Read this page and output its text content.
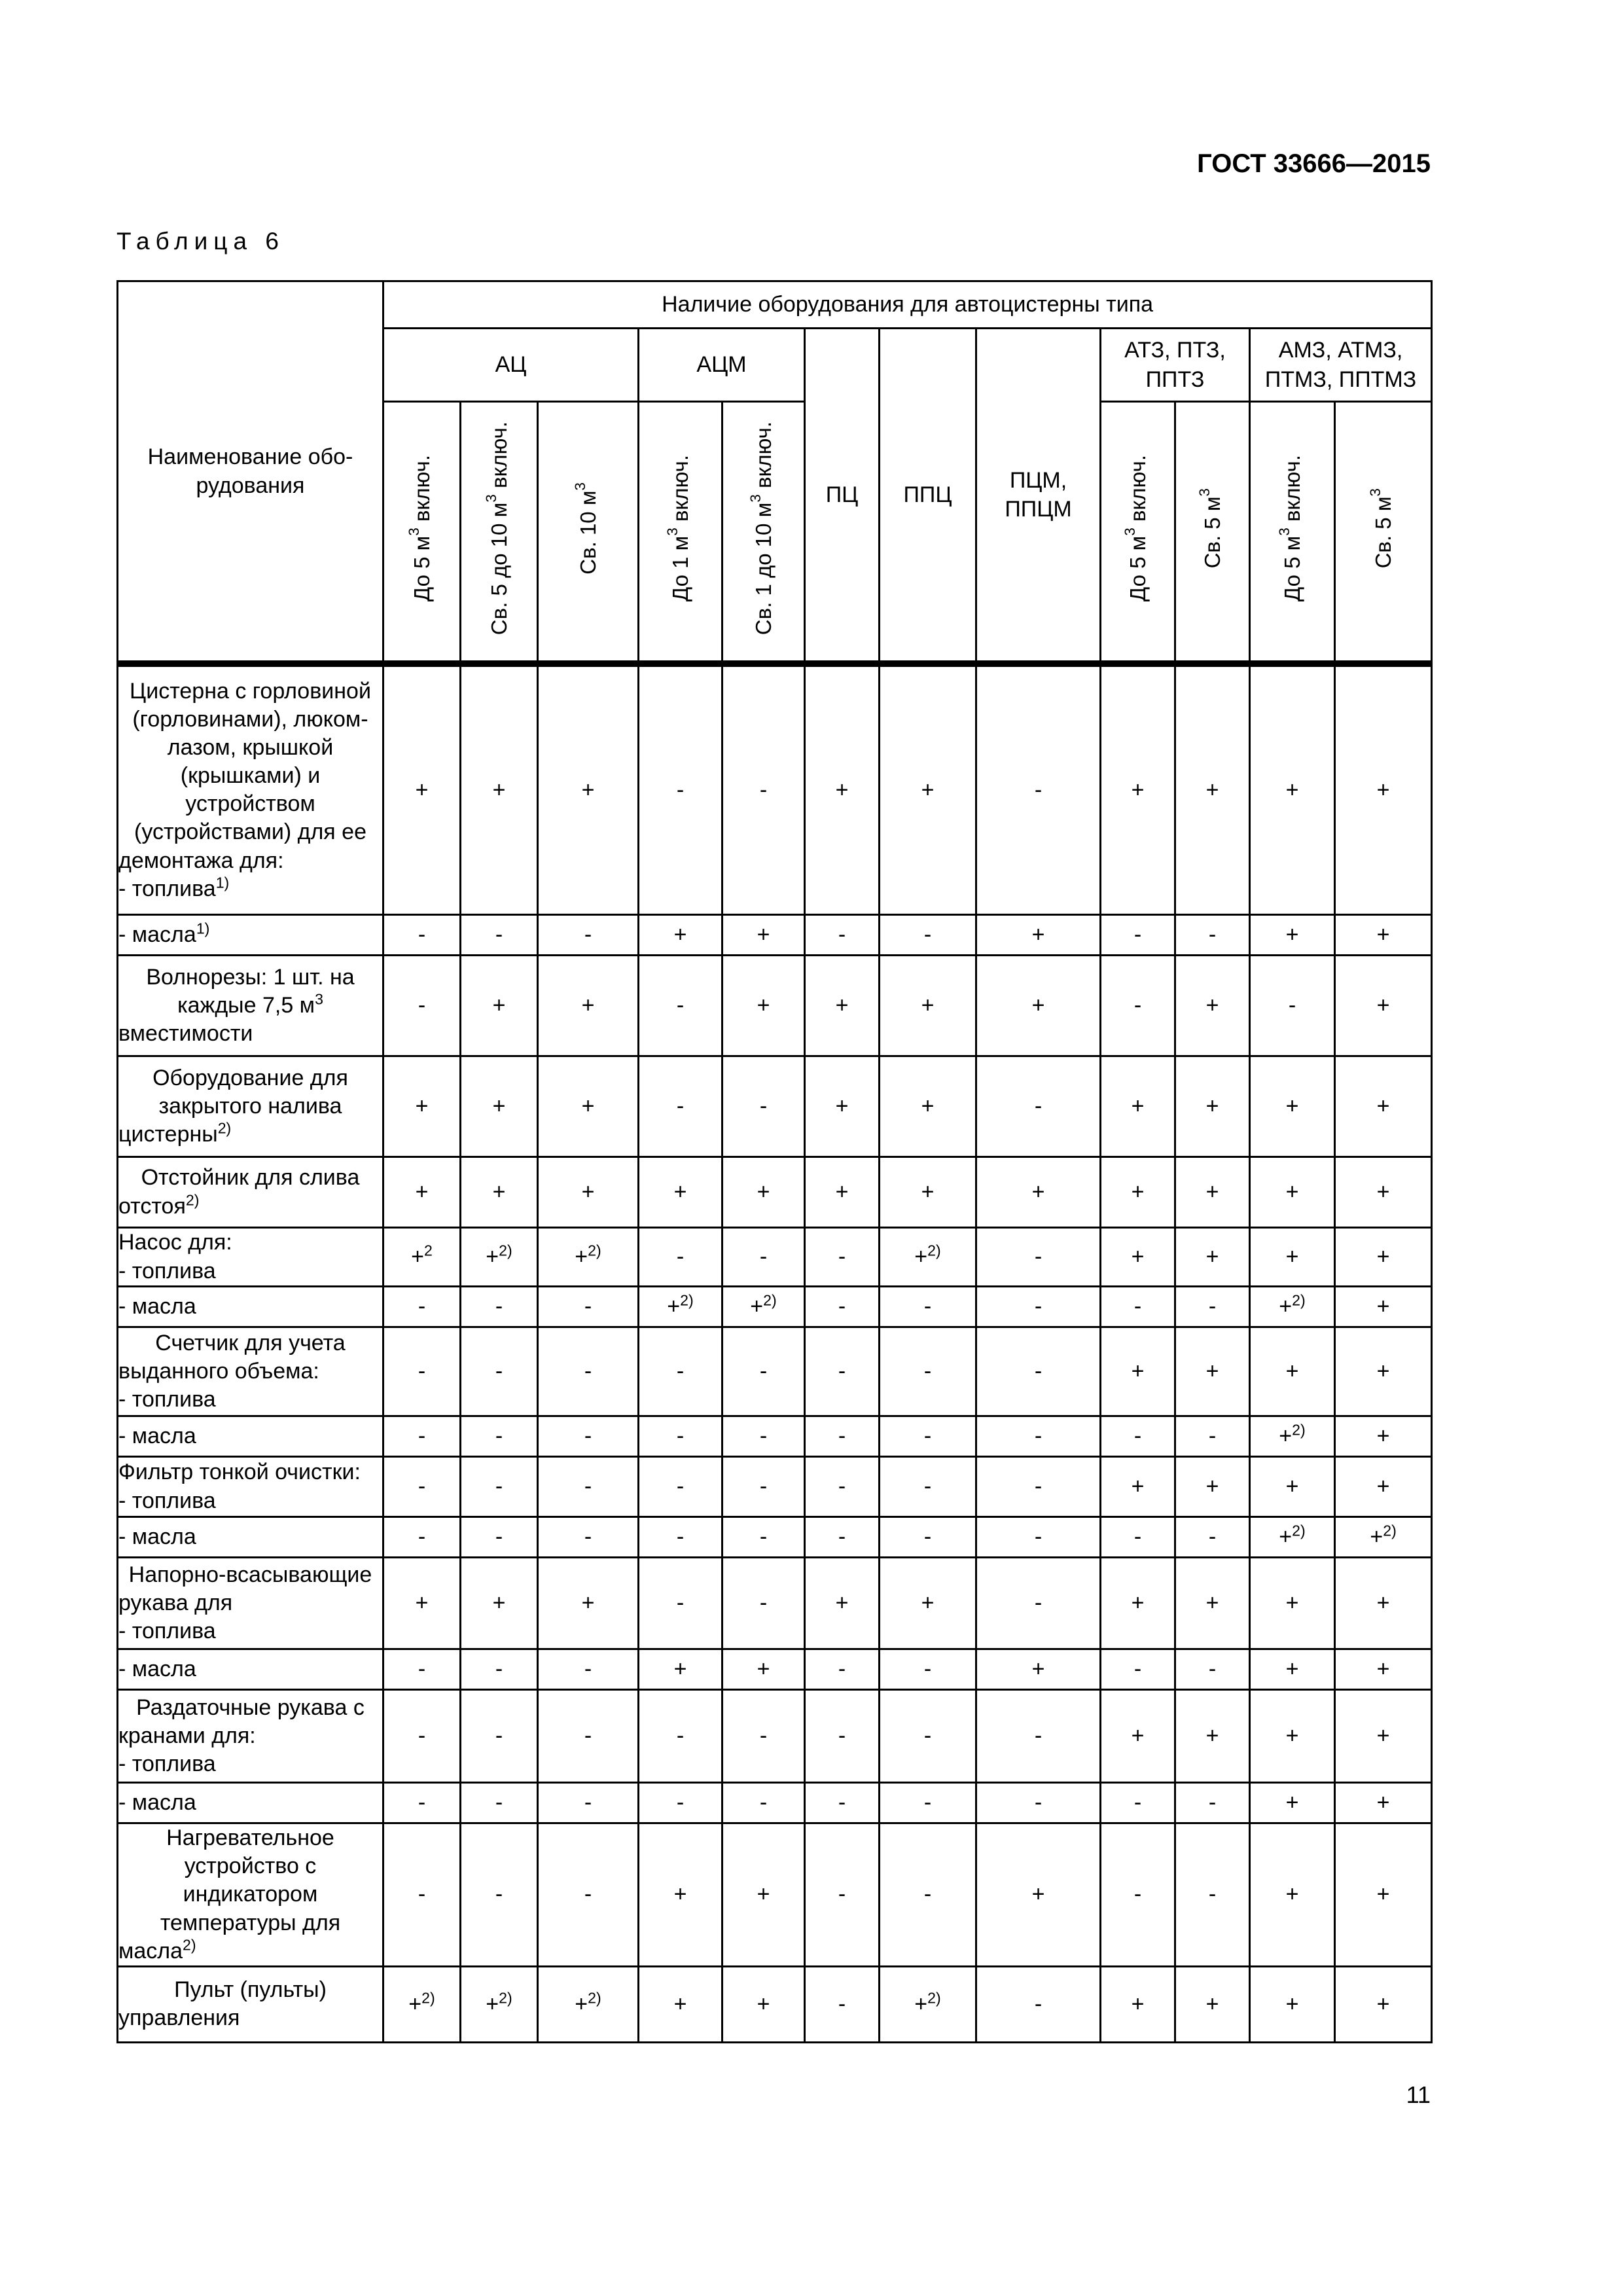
ГОСТ 33666—2015
Таблица 6
Наименование обо-рудования	Наличие оборудования для автоцистерны типа											
	АЦ			АЦМ		ПЦ	ППЦ	ПЦМ, ППЦМ	АТЗ, ПТЗ, ППТЗ		АМЗ, АТМЗ, ПТМЗ, ППТМЗ	
	До 5 $м^3$ включ.	Св. 5 до 10 $м^3$ включ.	Св. 10 $м^3$	До 1 $м^3$ включ.	Св. 1 до 10 $м^3$ включ.				До 5 $м^3$ включ.	Св. 5 $м^3$	До 5 $м^3$ включ.	Св. 5 $м^3$
Цистерна с горловиной (горловинами), люком-лазом, крышкой (крышками) и устройством (устройствами) для ее демонтажа для:
- топлива$^{1)}$	+	+	+	-	-	+	+	-	+	+	+	+
- масла$^{1)}$	-	-	-	+	+	-	-	+	-	-	+	+
Волнорезы: 1 шт. на каждые 7,5 $м^3$ вместимости	-	+	+	-	+	+	+	+	-	+	-	+
Оборудование для закрытого налива цистерны$^{2)}$	+	+	+	-	-	+	+	-	+	+	+	+
Отстойник для слива отстоя$^{2)}$	+	+	+	+	+	+	+	+	+	+	+	+
Насос для:
- топлива	+$^2$	+$^{2)}$	+$^{2)}$	-	-	-	+$^{2)}$	-	+	+	+	+
- масла	-	-	-	+$^{2)}$	+$^{2)}$	-	-	-	-	-	+$^{2)}$	+
Счетчик для учета выданного объема:
- топлива	-	-	-	-	-	-	-	-	+	+	+	+
- масла	-	-	-	-	-	-	-	-	-	-	+$^{2)}$	+
Фильтр тонкой очистки:
- топлива	-	-	-	-	-	-	-	-	+	+	+	+
- масла	-	-	-	-	-	-	-	-	-	-	+$^{2)}$	+$^{2)}$
Напорно-всасывающие рукава для
- топлива	+	+	+	-	-	+	+	-	+	+	+	+
- масла	-	-	-	+	+	-	-	+	-	-	+	+
Раздаточные рукава с кранами для:
- топлива	-	-	-	-	-	-	-	-	+	+	+	+
- масла	-	-	-	-	-	-	-	-	-	-	+	+
Нагревательное устройство с индикатором температуры для масла$^{2)}$	-	-	-	+	+	-	-	+	-	-	+	+
Пульт (пульты) управления	+$^{2)}$	+$^{2)}$	+$^{2)}$	+	+	-	+$^{2)}$	-	+	+	+	+
11
